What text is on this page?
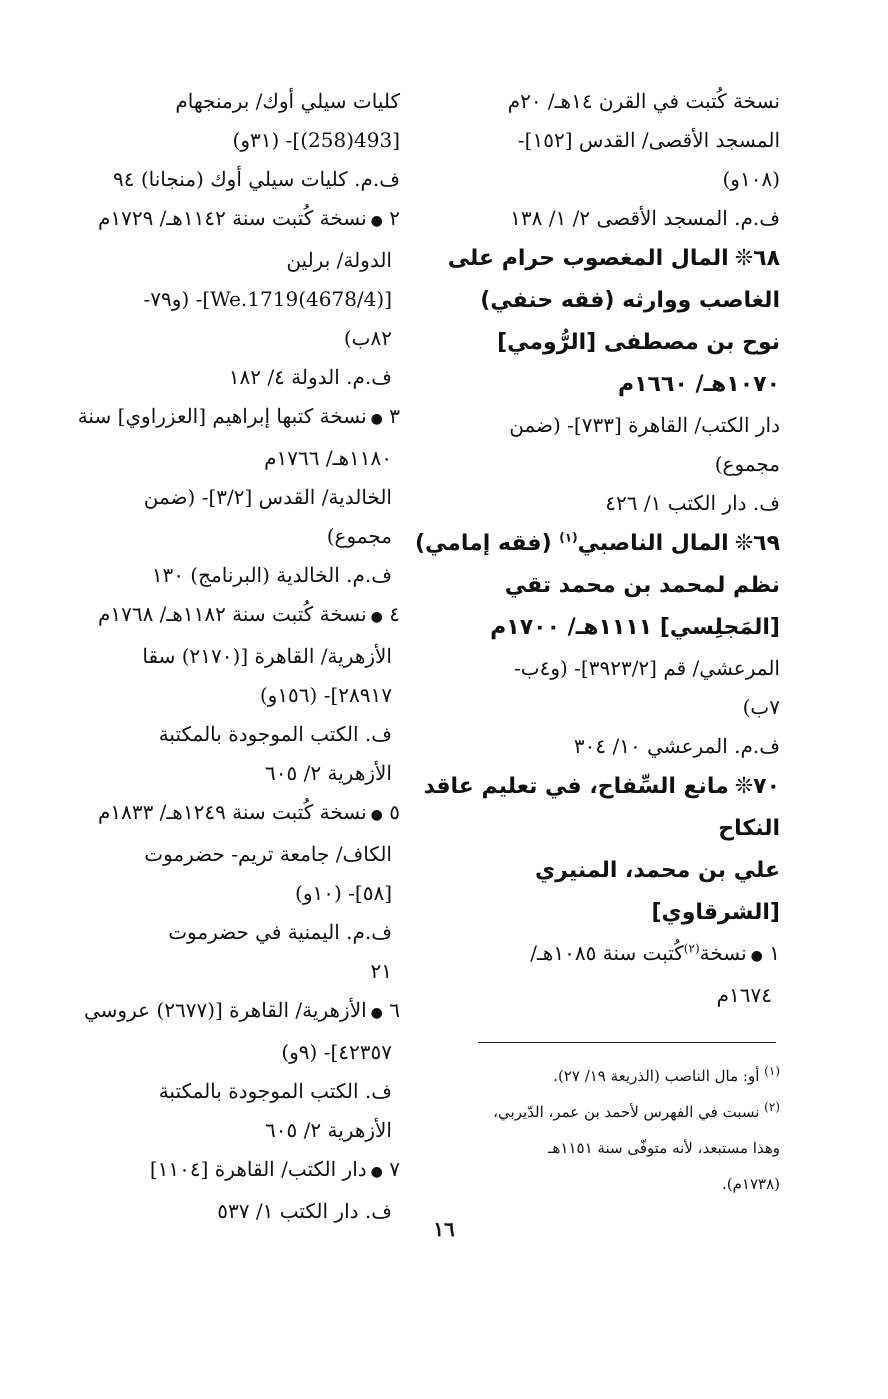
نسخة كُتبت في القرن ١٤هـ/ ٢٠م
المسجد الأقصى/ القدس [١٥٢]-
(١٠٨و)
ف.م. المسجد الأقصى ٢/ ١/ ١٣٨
٦٨❊المال المغصوب حرام على
الغاصب ووارثه (فقه حنفي)
نوح بن مصطفى [الرُّومي]
١٠٧٠هـ/ ١٦٦٠م
دار الكتب/ القاهرة [٧٣٣]- (ضمن
مجموع)
ف. دار الكتب ١/ ٤٢٦
٦٩❊المال الناصبي$^{(١)}$ (فقه إمامي)
نظم لمحمد بن محمد تقي
[المَجلِسي] ١١١١هـ/ ١٧٠٠م
المرعشي/ قم [٣٩٢٣/٢]- (و٤ب-
٧ب)
ف.م. المرعشي ١٠/ ٣٠٤
٧٠❊مانع السِّفاح، في تعليم عاقد
النكاح
علي بن محمد، المنيري
[الشرقاوي]
١ ●نسخة$^{(٢)}$كُتبت سنة ١٠٨٥هـ/
١٦٧٤م
كليات سيلي أوك/ برمنجهام
[493(258)]- (٣١و)
ف.م. كليات سيلي أوك (منجانا) ٩٤
٢ ●نسخة كُتبت سنة ١١٤٢هـ/ ١٧٢٩م
الدولة/ برلين
[(4678/4)We.1719]- (و٧٩-
٨٢ب)
ف.م. الدولة ٤/ ١٨٢
٣ ●نسخة كتبها إبراهيم [العزراوي] سنة
١١٨٠هـ/ ١٧٦٦م
الخالدية/ القدس [٣/٢]- (ضمن
مجموع)
ف.م. الخالدية (البرنامج) ١٣٠
٤ ●نسخة كُتبت سنة ١١٨٢هـ/ ١٧٦٨م
الأزهرية/ القاهرة [(٢١٧٠) سقا
٢٨٩١٧]- (١٥٦و)
ف. الكتب الموجودة بالمكتبة
الأزهرية ٢/ ٦٠٥
٥ ●نسخة كُتبت سنة ١٢٤٩هـ/ ١٨٣٣م
الكاف/ جامعة تريم- حضرموت
[٥٨]- (١٠و)
ف.م. اليمنية في حضرموت
٢١
٦ ●الأزهرية/ القاهرة [(٢٦٧٧) عروسي
٤٢٣٥٧]- (٩و)
ف. الكتب الموجودة بالمكتبة
الأزهرية ٢/ ٦٠٥
٧ ●دار الكتب/ القاهرة [١١٠٤]
ف. دار الكتب ١/ ٥٣٧
$^{(١)}$ أو: مال الناصب (الذريعة ١٩/ ٢٧).
$^{(٢)}$ نسبت في الفهرس لأحمد بن عمر، الدّيربي،
وهذا مستبعد، لأنه متوفّى سنة ١١٥١هـ
(١٧٣٨م).
١٦
